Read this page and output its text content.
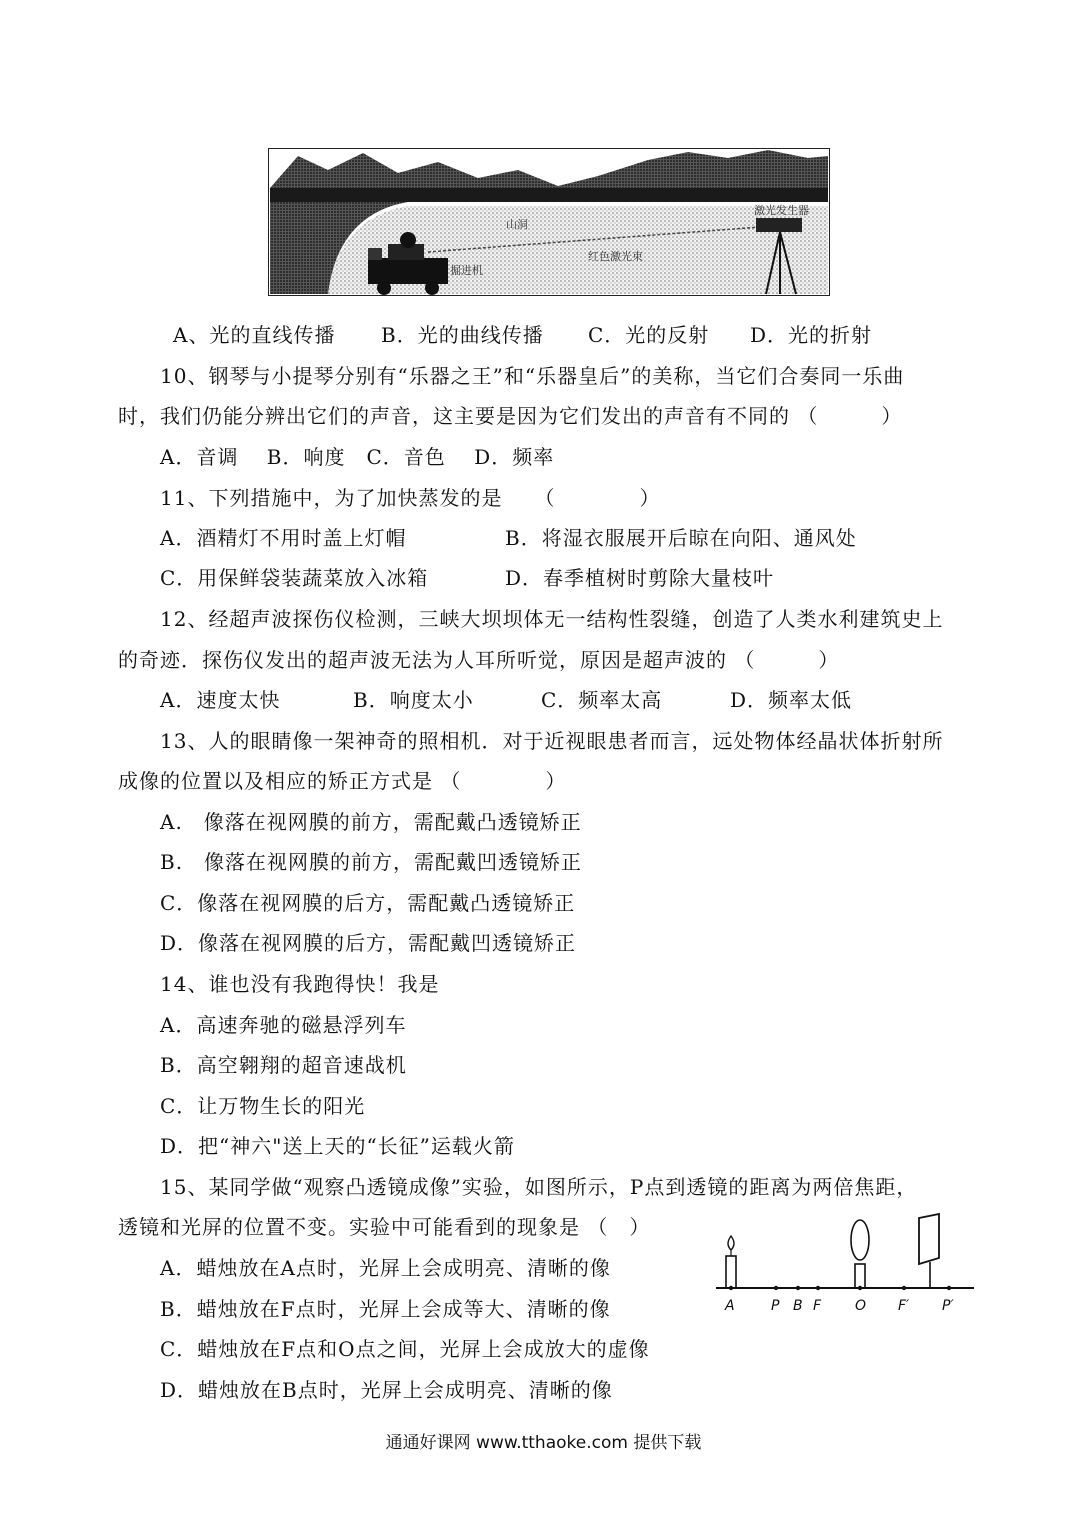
山洞
掘进机
红色激光束
激光发生器
A、光的直线传播 B．光的曲线传播 C．光的反射 D．光的折射
10、钢琴与小提琴分别有“乐器之王”和“乐器皇后”的美称，当它们合奏同一乐曲
时，我们仍能分辨出它们的声音，这主要是因为它们发出的声音有不同的 （　　　）
A．音调　 B．响度　C．音色　 D．频率
11、下列措施中，为了加快蒸发的是　　（　　　　）
A．酒精灯不用时盖上灯帽	B．将湿衣服展开后晾在向阳、通风处
C．用保鲜袋装蔬菜放入冰箱	D．春季植树时剪除大量枝叶
12、经超声波探伤仪检测，三峡大坝坝体无一结构性裂缝，创造了人类水利建筑史上
的奇迹．探伤仪发出的超声波无法为人耳所听觉，原因是超声波的 （　　　）
A．速度太快	B．响度太小	C．频率太高	D．频率太低
13、人的眼睛像一架神奇的照相机．对于近视眼患者而言，远处物体经晶状体折射所
成像的位置以及相应的矫正方式是 （　　　　）
A.　像落在视网膜的前方，需配戴凸透镜矫正
B.　像落在视网膜的前方，需配戴凹透镜矫正
C．像落在视网膜的后方，需配戴凸透镜矫正
D．像落在视网膜的后方，需配戴凹透镜矫正
14、谁也没有我跑得快！我是
A．高速奔驰的磁悬浮列车
B．高空翱翔的超音速战机
C．让万物生长的阳光
D．把“神六"送上天的“长征”运载火箭
15、某同学做“观察凸透镜成像”实验，如图所示，P点到透镜的距离为两倍焦距，
透镜和光屏的位置不变。实验中可能看到的现象是 （　）
A．蜡烛放在A点时，光屏上会成明亮、清晰的像
B．蜡烛放在F点时，光屏上会成等大、清晰的像
C．蜡烛放在F点和O点之间，光屏上会成放大的虚像
D．蜡烛放在B点时，光屏上会成明亮、清晰的像
A	P B F O F′ P′
通通好课网 www.tthaoke.com 提供下载
